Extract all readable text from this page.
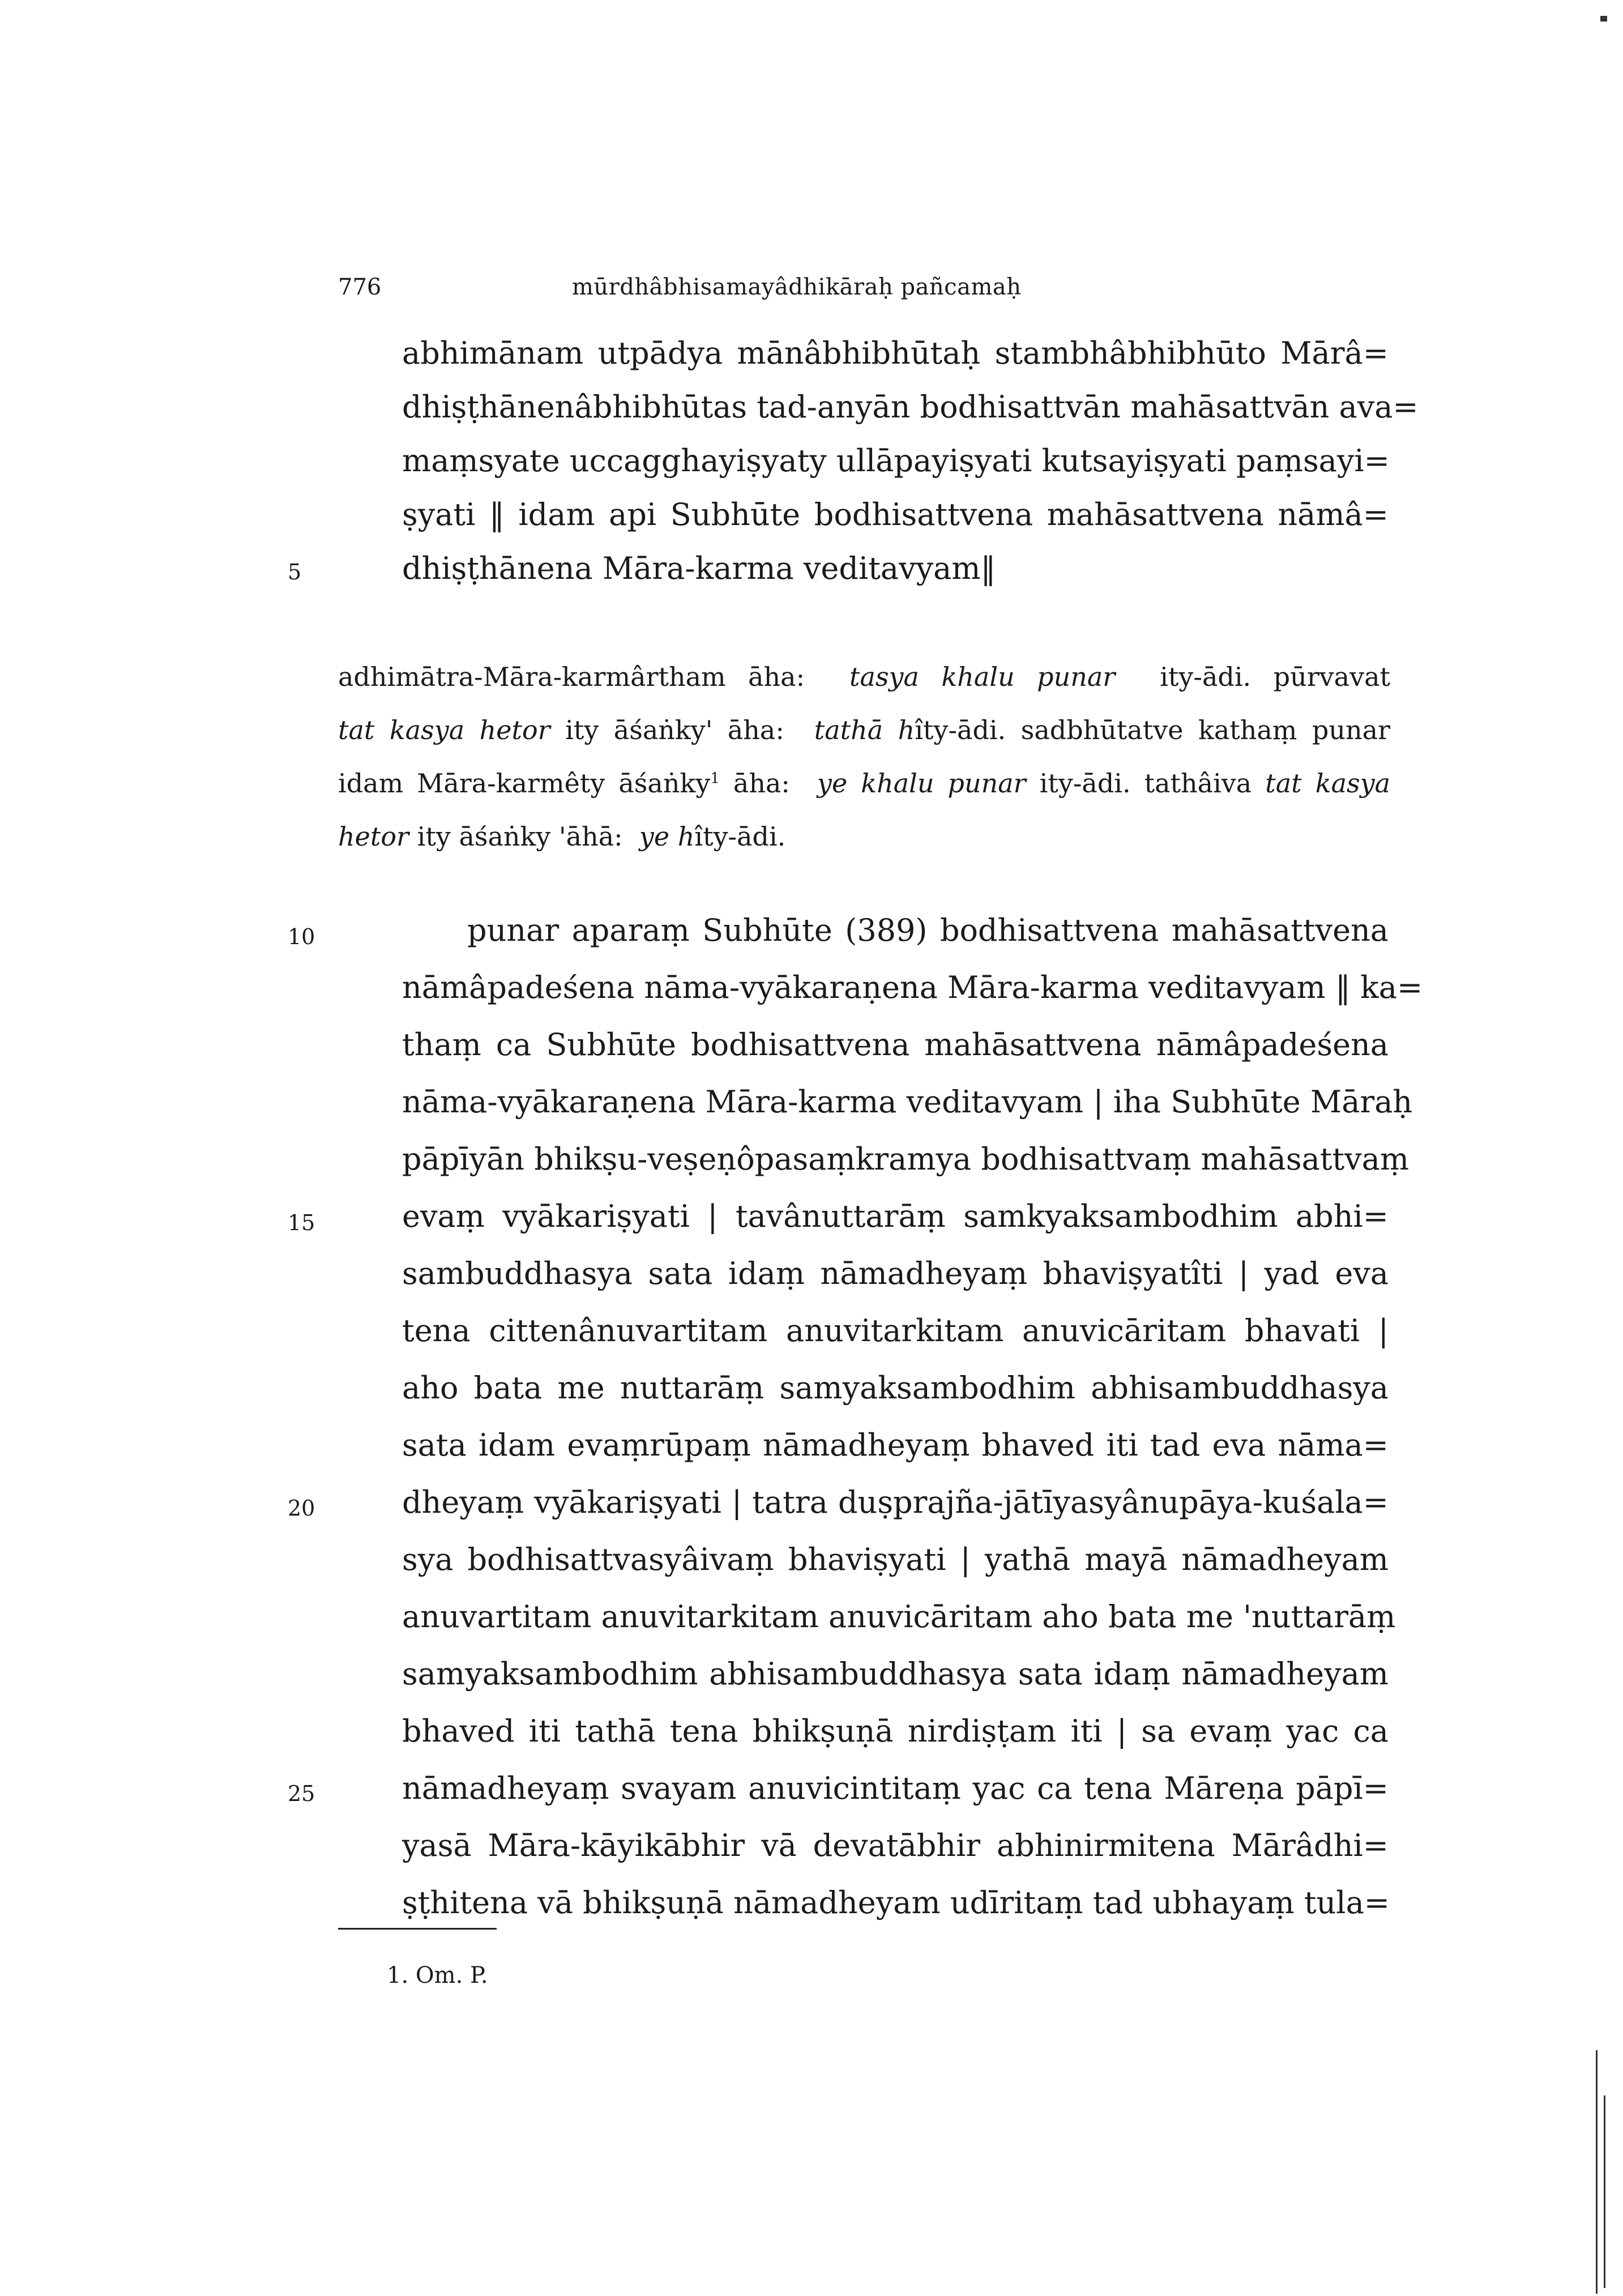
776	mūrdhâbhisamayâdhikāraḥ pañcamaḥ
abhimānam utpādya mānâbhibhūtaḥ stambhâbhibhūto Mārâ=
dhiṣṭhānenâbhibhūtas tad-anyān bodhisattvān mahāsattvān ava=
maṃsyate uccagghayiṣyaty ullāpayiṣyati kutsayiṣyati paṃsayi=
ṣyati ‖ idam api Subhūte bodhisattvena mahāsattvena nāmâ=
dhiṣṭhānena Māra-karma veditavyam‖
5
adhimātra-Māra-karmârtham āha: tasya khalu punar ity-ādi. pūrvavat
tat kasya hetor ity āśaṅky' āha: tathā hîty-ādi. sadbhūtatve kathaṃ punar
idam Māra-karmêty āśaṅky$^1$ āha: ye khalu punar ity-ādi. tathâiva tat kasya
hetor ity āśaṅky 'āhā: ye hîty-ādi.
punar aparaṃ Subhūte (389) bodhisattvena mahāsattvena
nāmâpadeśena nāma-vyākaraṇena Māra-karma veditavyam ‖ ka=
thaṃ ca Subhūte bodhisattvena mahāsattvena nāmâpadeśena
nāma-vyākaraṇena Māra-karma veditavyam | iha Subhūte Māraḥ
pāpīyān bhikṣu-veṣeṇôpasaṃkramya bodhisattvaṃ mahāsattvaṃ
evaṃ vyākariṣyati | tavânuttarāṃ samkyaksambodhim abhi=
sambuddhasya sata idaṃ nāmadheyaṃ bhaviṣyatîti | yad eva
tena cittenânuvartitam anuvitarkitam anuvicāritam bhavati |
aho bata me nuttarāṃ samyaksambodhim abhisambuddhasya
sata idam evaṃrūpaṃ nāmadheyaṃ bhaved iti tad eva nāma=
dheyaṃ vyākariṣyati | tatra duṣprajña-jātīyasyânupāya-kuśala=
sya bodhisattvasyâivaṃ bhaviṣyati | yathā mayā nāmadheyam
anuvartitam anuvitarkitam anuvicāritam aho bata me 'nuttarāṃ
samyaksambodhim abhisambuddhasya sata idaṃ nāmadheyam
bhaved iti tathā tena bhikṣuṇā nirdiṣṭam iti | sa evaṃ yac ca
nāmadheyaṃ svayam anuvicintitaṃ yac ca tena Māreṇa pāpī=
yasā Māra-kāyikābhir vā devatābhir abhinirmitena Mārâdhi=
ṣṭhitena vā bhikṣuṇā nāmadheyam udīritaṃ tad ubhayaṃ tula=
10
15
20
25
1. Om. P.
